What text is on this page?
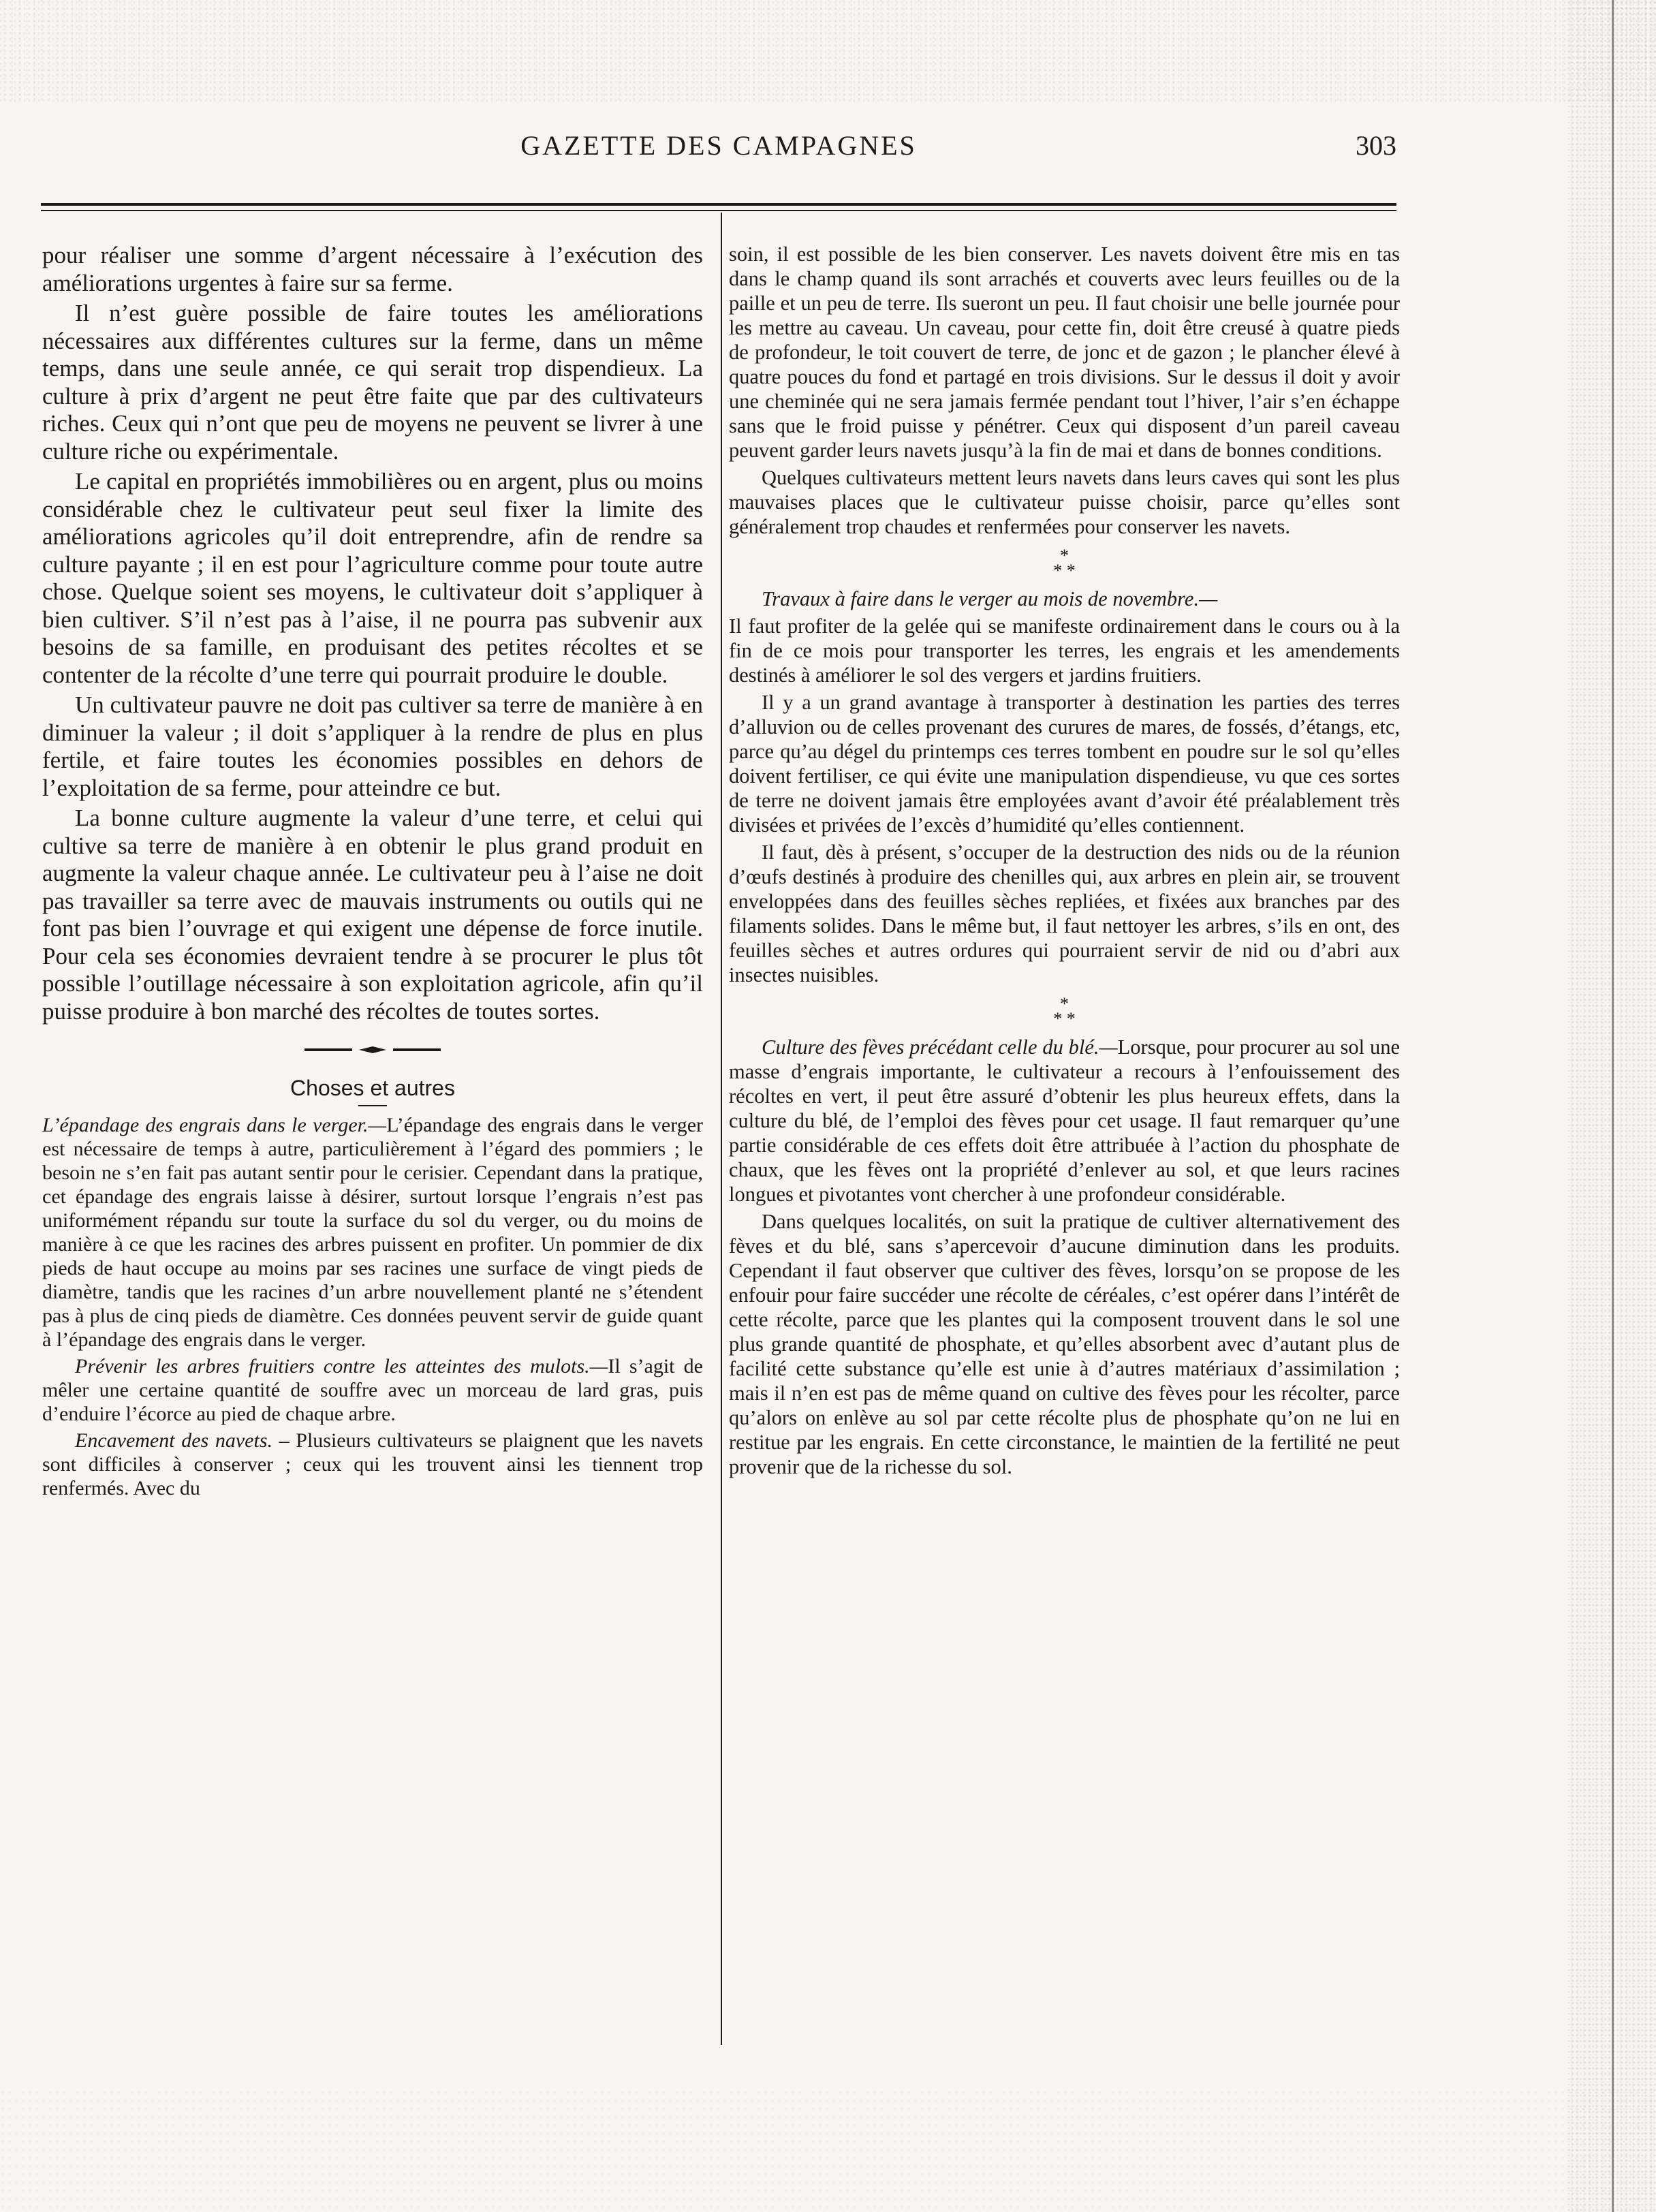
GAZETTE DES CAMPAGNES	303

pour réaliser une somme d’argent nécessaire à l’exécution des améliorations urgentes à faire sur sa ferme.

Il n’est guère possible de faire toutes les améliorations nécessaires aux différentes cultures sur la ferme, dans un même temps, dans une seule année, ce qui serait trop dispendieux. La culture à prix d’argent ne peut être faite que par des cultivateurs riches. Ceux qui n’ont que peu de moyens ne peuvent se livrer à une culture riche ou expérimentale.

Le capital en propriétés immobilières ou en argent, plus ou moins considérable chez le cultivateur peut seul fixer la limite des améliorations agricoles qu’il doit entreprendre, afin de rendre sa culture payante ; il en est pour l’agriculture comme pour toute autre chose. Quelque soient ses moyens, le cultivateur doit s’appliquer à bien cultiver. S’il n’est pas à l’aise, il ne pourra pas subvenir aux besoins de sa famille, en produisant des petites récoltes et se contenter de la récolte d’une terre qui pourrait produire le double.

Un cultivateur pauvre ne doit pas cultiver sa terre de manière à en diminuer la valeur ; il doit s’appliquer à la rendre de plus en plus fertile, et faire toutes les économies possibles en dehors de l’exploitation de sa ferme, pour atteindre ce but.

La bonne culture augmente la valeur d’une terre, et celui qui cultive sa terre de manière à en obtenir le plus grand produit en augmente la valeur chaque année. Le cultivateur peu à l’aise ne doit pas travailler sa terre avec de mauvais instruments ou outils qui ne font pas bien l’ouvrage et qui exigent une dépense de force inutile. Pour cela ses économies devraient tendre à se procurer le plus tôt possible l’outillage nécessaire à son exploitation agricole, afin qu’il puisse produire à bon marché des récoltes de toutes sortes.

Choses et autres

L’épandage des engrais dans le verger.—L’épandage des engrais dans le verger est nécessaire de temps à autre, particulièrement à l’égard des pommiers ; le besoin ne s’en fait pas autant sentir pour le cerisier. Cependant dans la pratique, cet épandage des engrais laisse à désirer, surtout lorsque l’engrais n’est pas uniformément répandu sur toute la surface du sol du verger, ou du moins de manière à ce que les racines des arbres puissent en profiter. Un pommier de dix pieds de haut occupe au moins par ses racines une surface de vingt pieds de diamètre, tandis que les racines d’un arbre nouvellement planté ne s’étendent pas à plus de cinq pieds de diamètre. Ces données peuvent servir de guide quant à l’épandage des engrais dans le verger.

Prévenir les arbres fruitiers contre les atteintes des mulots.—Il s’agit de mêler une certaine quantité de souffre avec un morceau de lard gras, puis d’enduire l’écorce au pied de chaque arbre.

Encavement des navets. – Plusieurs cultivateurs se plaignent que les navets sont difficiles à conserver ; ceux qui les trouvent ainsi les tiennent trop renfermés. Avec du

soin, il est possible de les bien conserver. Les navets doivent être mis en tas dans le champ quand ils sont arrachés et couverts avec leurs feuilles ou de la paille et un peu de terre. Ils sueront un peu. Il faut choisir une belle journée pour les mettre au caveau. Un caveau, pour cette fin, doit être creusé à quatre pieds de profondeur, le toit couvert de terre, de jonc et de gazon ; le plancher élevé à quatre pouces du fond et partagé en trois divisions. Sur le dessus il doit y avoir une cheminée qui ne sera jamais fermée pendant tout l’hiver, l’air s’en échappe sans que le froid puisse y pénétrer. Ceux qui disposent d’un pareil caveau peuvent garder leurs navets jusqu’à la fin de mai et dans de bonnes conditions.

Quelques cultivateurs mettent leurs navets dans leurs caves qui sont les plus mauvaises places que le cultivateur puisse choisir, parce qu’elles sont généralement trop chaudes et renfermées pour conserver les navets.

*
* *

Travaux à faire dans le verger au mois de novembre.—

Il faut profiter de la gelée qui se manifeste ordinairement dans le cours ou à la fin de ce mois pour transporter les terres, les engrais et les amendements destinés à améliorer le sol des vergers et jardins fruitiers.

Il y a un grand avantage à transporter à destination les parties des terres d’alluvion ou de celles provenant des curures de mares, de fossés, d’étangs, etc, parce qu’au dégel du printemps ces terres tombent en poudre sur le sol qu’elles doivent fertiliser, ce qui évite une manipulation dispendieuse, vu que ces sortes de terre ne doivent jamais être employées avant d’avoir été préalablement très divisées et privées de l’excès d’humidité qu’elles contiennent.

Il faut, dès à présent, s’occuper de la destruction des nids ou de la réunion d’œufs destinés à produire des chenilles qui, aux arbres en plein air, se trouvent enveloppées dans des feuilles sèches repliées, et fixées aux branches par des filaments solides. Dans le même but, il faut nettoyer les arbres, s’ils en ont, des feuilles sèches et autres ordures qui pourraient servir de nid ou d’abri aux insectes nuisibles.

*
* *

Culture des fèves précédant celle du blé.—Lorsque, pour procurer au sol une masse d’engrais importante, le cultivateur a recours à l’enfouissement des récoltes en vert, il peut être assuré d’obtenir les plus heureux effets, dans la culture du blé, de l’emploi des fèves pour cet usage. Il faut remarquer qu’une partie considérable de ces effets doit être attribuée à l’action du phosphate de chaux, que les fèves ont la propriété d’enlever au sol, et que leurs racines longues et pivotantes vont chercher à une profondeur considérable.

Dans quelques localités, on suit la pratique de cultiver alternativement des fèves et du blé, sans s’apercevoir d’aucune diminution dans les produits. Cependant il faut observer que cultiver des fèves, lorsqu’on se propose de les enfouir pour faire succéder une récolte de céréales, c’est opérer dans l’intérêt de cette récolte, parce que les plantes qui la composent trouvent dans le sol une plus grande quantité de phosphate, et qu’elles absorbent avec d’autant plus de facilité cette substance qu’elle est unie à d’autres matériaux d’assimilation ; mais il n’en est pas de même quand on cultive des fèves pour les récolter, parce qu’alors on enlève au sol par cette récolte plus de phosphate qu’on ne lui en restitue par les engrais. En cette circonstance, le maintien de la fertilité ne peut provenir que de la richesse du sol.
